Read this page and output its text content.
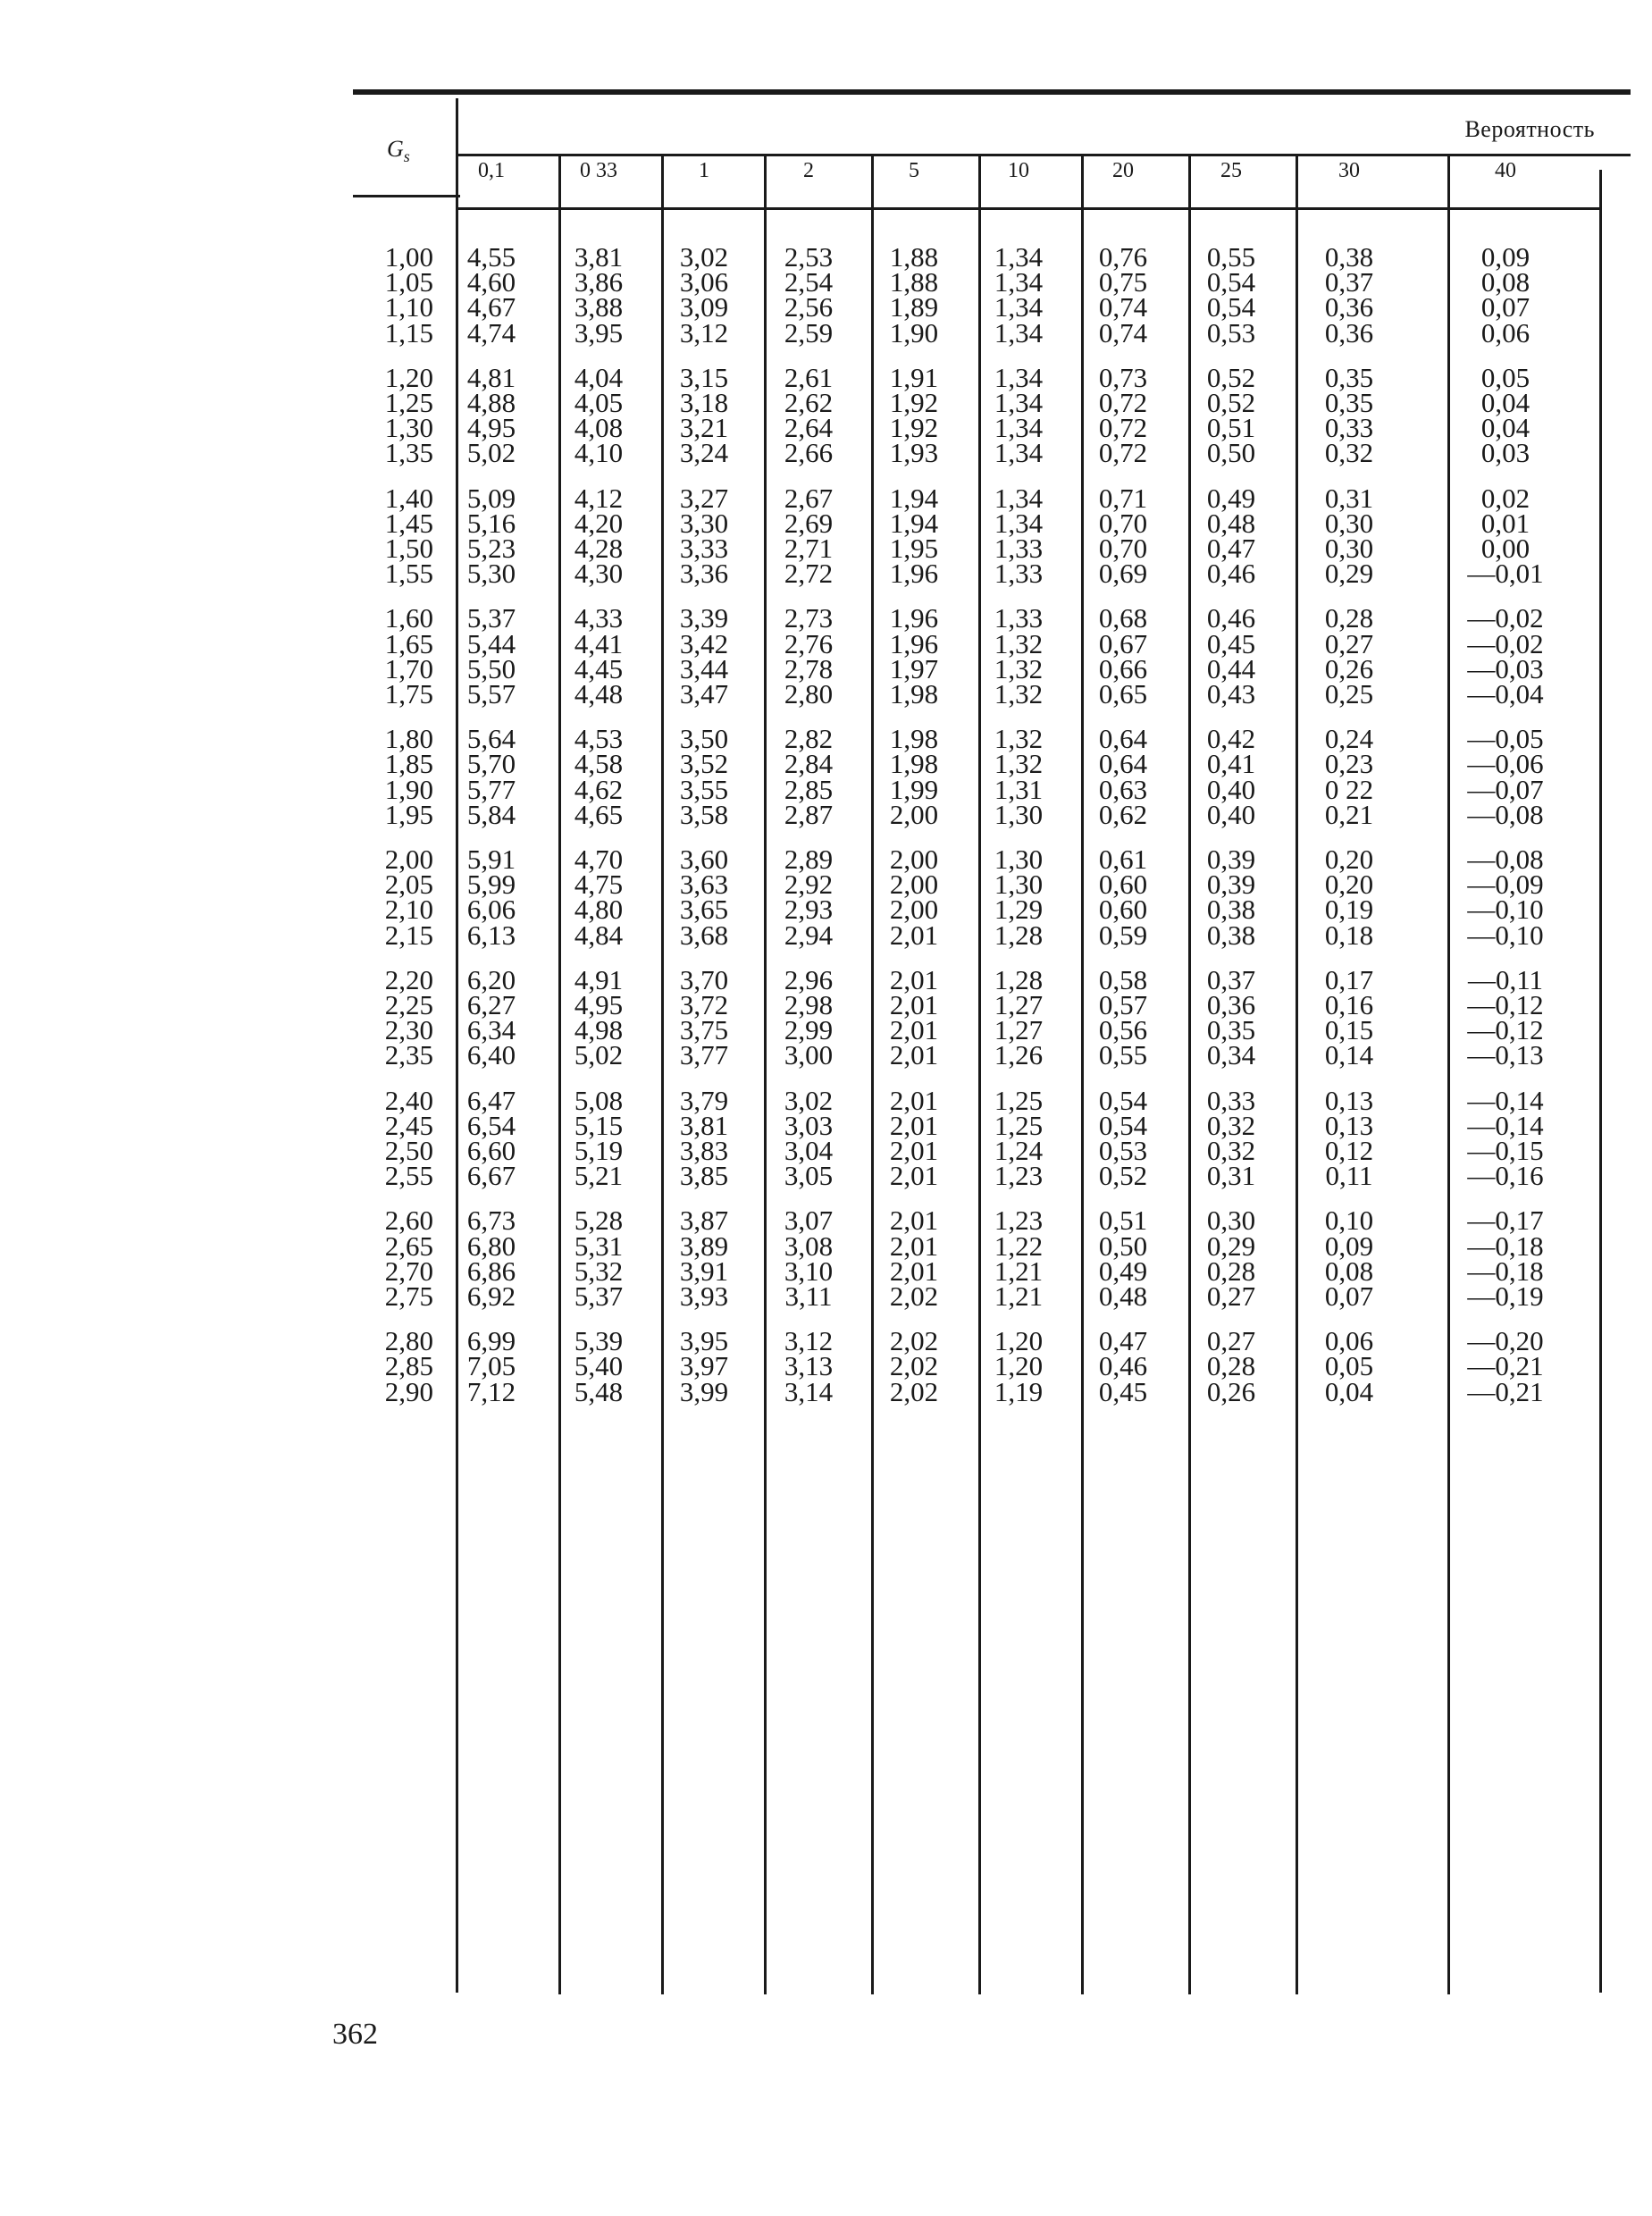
$G_s$
Вероятность
0,1	0 33	1	2	5	10	20	25	30	40
1,00	4,55	3,81	3,02	2,53	1,88	1,34	0,76	0,55	0,38	0,09
1,05	4,60	3,86	3,06	2,54	1,88	1,34	0,75	0,54	0,37	0,08
1,10	4,67	3,88	3,09	2,56	1,89	1,34	0,74	0,54	0,36	0,07
1,15	4,74	3,95	3,12	2,59	1,90	1,34	0,74	0,53	0,36	0,06
1,20	4,81	4,04	3,15	2,61	1,91	1,34	0,73	0,52	0,35	0,05
1,25	4,88	4,05	3,18	2,62	1,92	1,34	0,72	0,52	0,35	0,04
1,30	4,95	4,08	3,21	2,64	1,92	1,34	0,72	0,51	0,33	0,04
1,35	5,02	4,10	3,24	2,66	1,93	1,34	0,72	0,50	0,32	0,03
1,40	5,09	4,12	3,27	2,67	1,94	1,34	0,71	0,49	0,31	0,02
1,45	5,16	4,20	3,30	2,69	1,94	1,34	0,70	0,48	0,30	0,01
1,50	5,23	4,28	3,33	2,71	1,95	1,33	0,70	0,47	0,30	0,00
1,55	5,30	4,30	3,36	2,72	1,96	1,33	0,69	0,46	0,29	—0,01
1,60	5,37	4,33	3,39	2,73	1,96	1,33	0,68	0,46	0,28	—0,02
1,65	5,44	4,41	3,42	2,76	1,96	1,32	0,67	0,45	0,27	—0,02
1,70	5,50	4,45	3,44	2,78	1,97	1,32	0,66	0,44	0,26	—0,03
1,75	5,57	4,48	3,47	2,80	1,98	1,32	0,65	0,43	0,25	—0,04
1,80	5,64	4,53	3,50	2,82	1,98	1,32	0,64	0,42	0,24	—0,05
1,85	5,70	4,58	3,52	2,84	1,98	1,32	0,64	0,41	0,23	—0,06
1,90	5,77	4,62	3,55	2,85	1,99	1,31	0,63	0,40	0 22	—0,07
1,95	5,84	4,65	3,58	2,87	2,00	1,30	0,62	0,40	0,21	—0,08
2,00	5,91	4,70	3,60	2,89	2,00	1,30	0,61	0,39	0,20	—0,08
2,05	5,99	4,75	3,63	2,92	2,00	1,30	0,60	0,39	0,20	—0,09
2,10	6,06	4,80	3,65	2,93	2,00	1,29	0,60	0,38	0,19	—0,10
2,15	6,13	4,84	3,68	2,94	2,01	1,28	0,59	0,38	0,18	—0,10
2,20	6,20	4,91	3,70	2,96	2,01	1,28	0,58	0,37	0,17	—0,11
2,25	6,27	4,95	3,72	2,98	2,01	1,27	0,57	0,36	0,16	—0,12
2,30	6,34	4,98	3,75	2,99	2,01	1,27	0,56	0,35	0,15	—0,12
2,35	6,40	5,02	3,77	3,00	2,01	1,26	0,55	0,34	0,14	—0,13
2,40	6,47	5,08	3,79	3,02	2,01	1,25	0,54	0,33	0,13	—0,14
2,45	6,54	5,15	3,81	3,03	2,01	1,25	0,54	0,32	0,13	—0,14
2,50	6,60	5,19	3,83	3,04	2,01	1,24	0,53	0,32	0,12	—0,15
2,55	6,67	5,21	3,85	3,05	2,01	1,23	0,52	0,31	0,11	—0,16
2,60	6,73	5,28	3,87	3,07	2,01	1,23	0,51	0,30	0,10	—0,17
2,65	6,80	5,31	3,89	3,08	2,01	1,22	0,50	0,29	0,09	—0,18
2,70	6,86	5,32	3,91	3,10	2,01	1,21	0,49	0,28	0,08	—0,18
2,75	6,92	5,37	3,93	3,11	2,02	1,21	0,48	0,27	0,07	—0,19
2,80	6,99	5,39	3,95	3,12	2,02	1,20	0,47	0,27	0,06	—0,20
2,85	7,05	5,40	3,97	3,13	2,02	1,20	0,46	0,28	0,05	—0,21
2,90	7,12	5,48	3,99	3,14	2,02	1,19	0,45	0,26	0,04	—0,21
362
